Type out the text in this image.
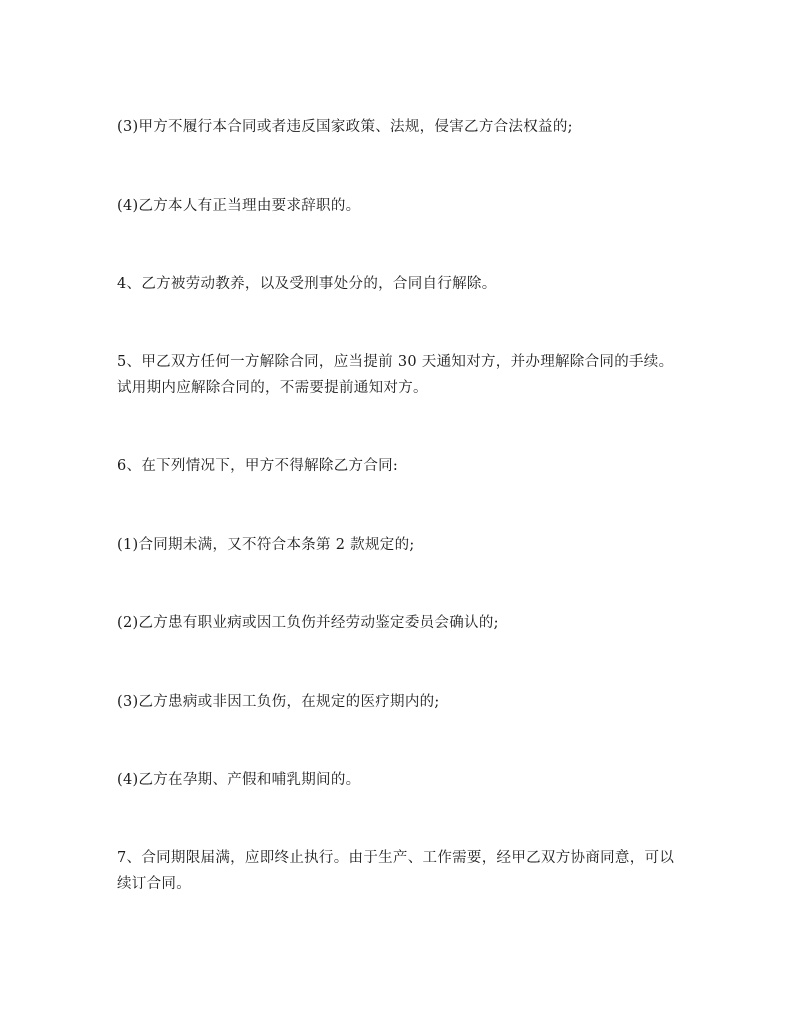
(3)甲方不履行本合同或者违反国家政策、法规，侵害乙方合法权益的;

(4)乙方本人有正当理由要求辞职的。

4、乙方被劳动教养，以及受刑事处分的，合同自行解除。

5、甲乙双方任何一方解除合同，应当提前 30 天通知对方，并办理解除合同的手续。试用期内应解除合同的，不需要提前通知对方。

6、在下列情况下，甲方不得解除乙方合同:

(1)合同期未满，又不符合本条第 2 款规定的;

(2)乙方患有职业病或因工负伤并经劳动鉴定委员会确认的;

(3)乙方患病或非因工负伤，在规定的医疗期内的;

(4)乙方在孕期、产假和哺乳期间的。

7、合同期限届满，应即终止执行。由于生产、工作需要，经甲乙双方协商同意，可以续订合同。
